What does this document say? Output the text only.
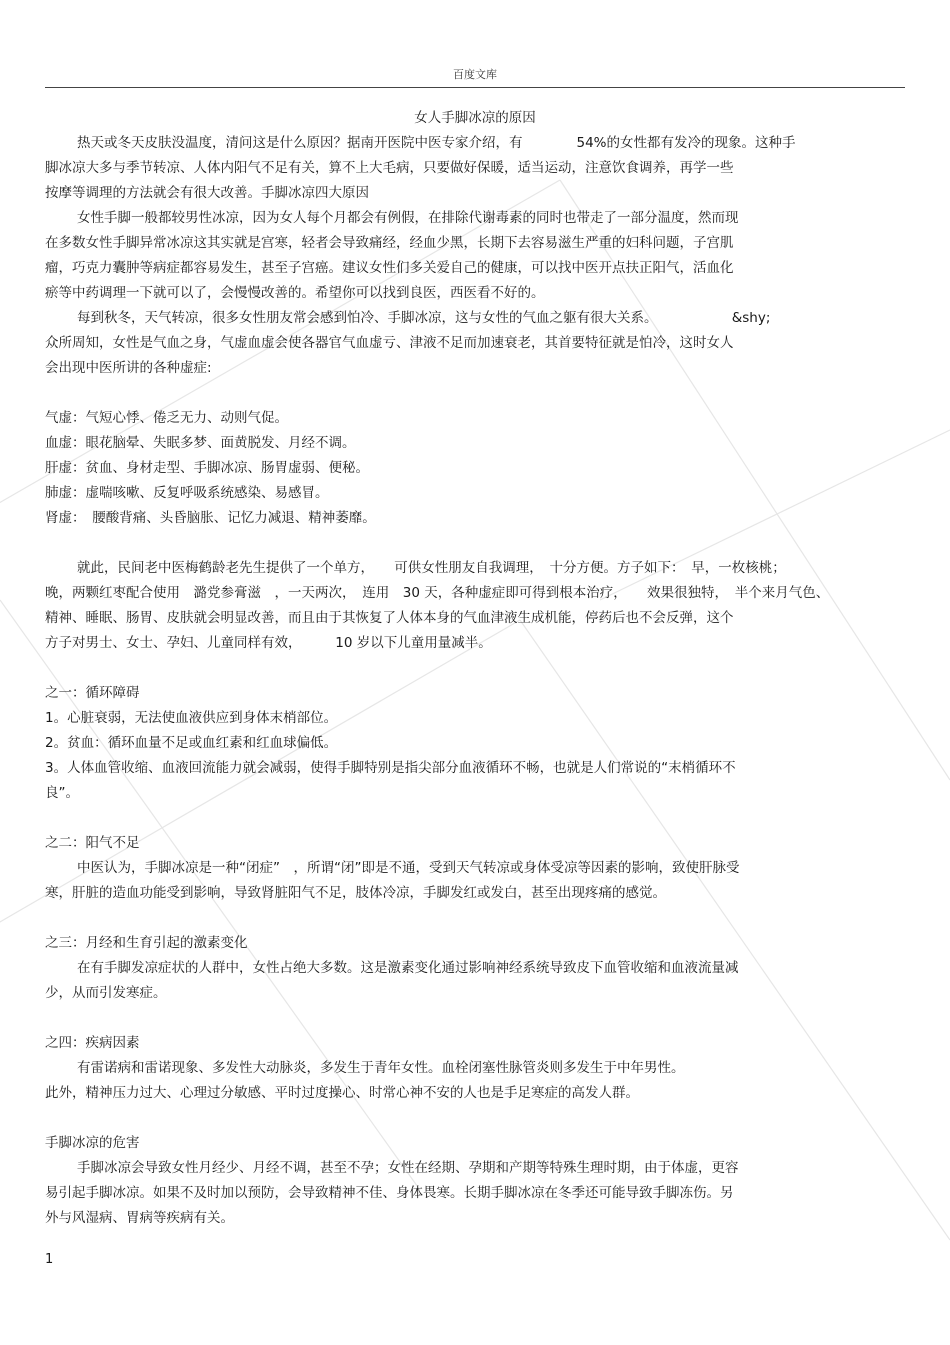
百度文库
女人手脚冰凉的原因
热天或冬天皮肤没温度，清问这是什么原因？据南开医院中医专家介绍，有　　　　54%的女性都有发冷的现象。这种手
脚冰凉大多与季节转凉、人体内阳气不足有关，算不上大毛病，只要做好保暖，适当运动，注意饮食调养，再学一些
按摩等调理的方法就会有很大改善。手脚冰凉四大原因
女性手脚一般都较男性冰凉，因为女人每个月都会有例假，在排除代谢毒素的同时也带走了一部分温度，然而现
在多数女性手脚异常冰凉这其实就是宫寒，轻者会导致痛经，经血少黑，长期下去容易滋生严重的妇科问题，子宫肌
瘤，巧克力囊肿等病症都容易发生，甚至子宫癌。建议女性们多关爱自己的健康，可以找中医开点扶正阳气，活血化
瘀等中药调理一下就可以了，会慢慢改善的。希望你可以找到良医，西医看不好的。
每到秋冬，天气转凉，很多女性朋友常会感到怕冷、手脚冰凉，这与女性的气血之躯有很大关系。　　　　　　&shy;
众所周知，女性是气血之身，气虚血虚会使各器官气血虚亏、津液不足而加速衰老，其首要特征就是怕冷，这时女人
会出现中医所讲的各种虚症:
气虚：气短心悸、倦乏无力、动则气促。
血虚：眼花脑晕、失眠多梦、面黄脱发、月经不调。
肝虚：贫血、身材走型、手脚冰凉、肠胃虚弱、便秘。
肺虚：虚喘咳嗽、反复呼吸系统感染、易感冒。
肾虚：　腰酸背痛、头昏脑胀、记忆力减退、精神萎靡。
就此，民间老中医梅鹤龄老先生提供了一个单方，　　可供女性朋友自我调理，　十分方便。方子如下：　早，一枚核桃；
晚，两颗红枣配合使用　潞党参膏滋　，一天两次，　连用　30 天，各种虚症即可得到根本治疗，　　效果很独特，　半个来月气色、
精神、睡眠、肠胃、皮肤就会明显改善，而且由于其恢复了人体本身的气血津液生成机能，停药后也不会反弹，这个
方子对男士、女士、孕妇、儿童同样有效，　　　10 岁以下儿童用量减半。
之一：循环障碍
1。心脏衰弱，无法使血液供应到身体末梢部位。
2。贫血：循环血量不足或血红素和红血球偏低。
3。人体血管收缩、血液回流能力就会减弱，使得手脚特别是指尖部分血液循环不畅，也就是人们常说的“末梢循环不
良”。
之二：阳气不足
中医认为，手脚冰凉是一种“闭症”　，所谓“闭”即是不通，受到天气转凉或身体受凉等因素的影响，致使肝脉受
寒，肝脏的造血功能受到影响，导致肾脏阳气不足，肢体冷凉，手脚发红或发白，甚至出现疼痛的感觉。
之三：月经和生育引起的激素变化
在有手脚发凉症状的人群中，女性占绝大多数。这是激素变化通过影响神经系统导致皮下血管收缩和血液流量减
少，从而引发寒症。
之四：疾病因素
有雷诺病和雷诺现象、多发性大动脉炎，多发生于青年女性。血栓闭塞性脉管炎则多发生于中年男性。
此外，精神压力过大、心理过分敏感、平时过度操心、时常心神不安的人也是手足寒症的高发人群。
手脚冰凉的危害
手脚冰凉会导致女性月经少、月经不调，甚至不孕；女性在经期、孕期和产期等特殊生理时期，由于体虚，更容
易引起手脚冰凉。如果不及时加以预防，会导致精神不佳、身体畏寒。长期手脚冰凉在冬季还可能导致手脚冻伤。另
外与风湿病、胃病等疾病有关。
1
